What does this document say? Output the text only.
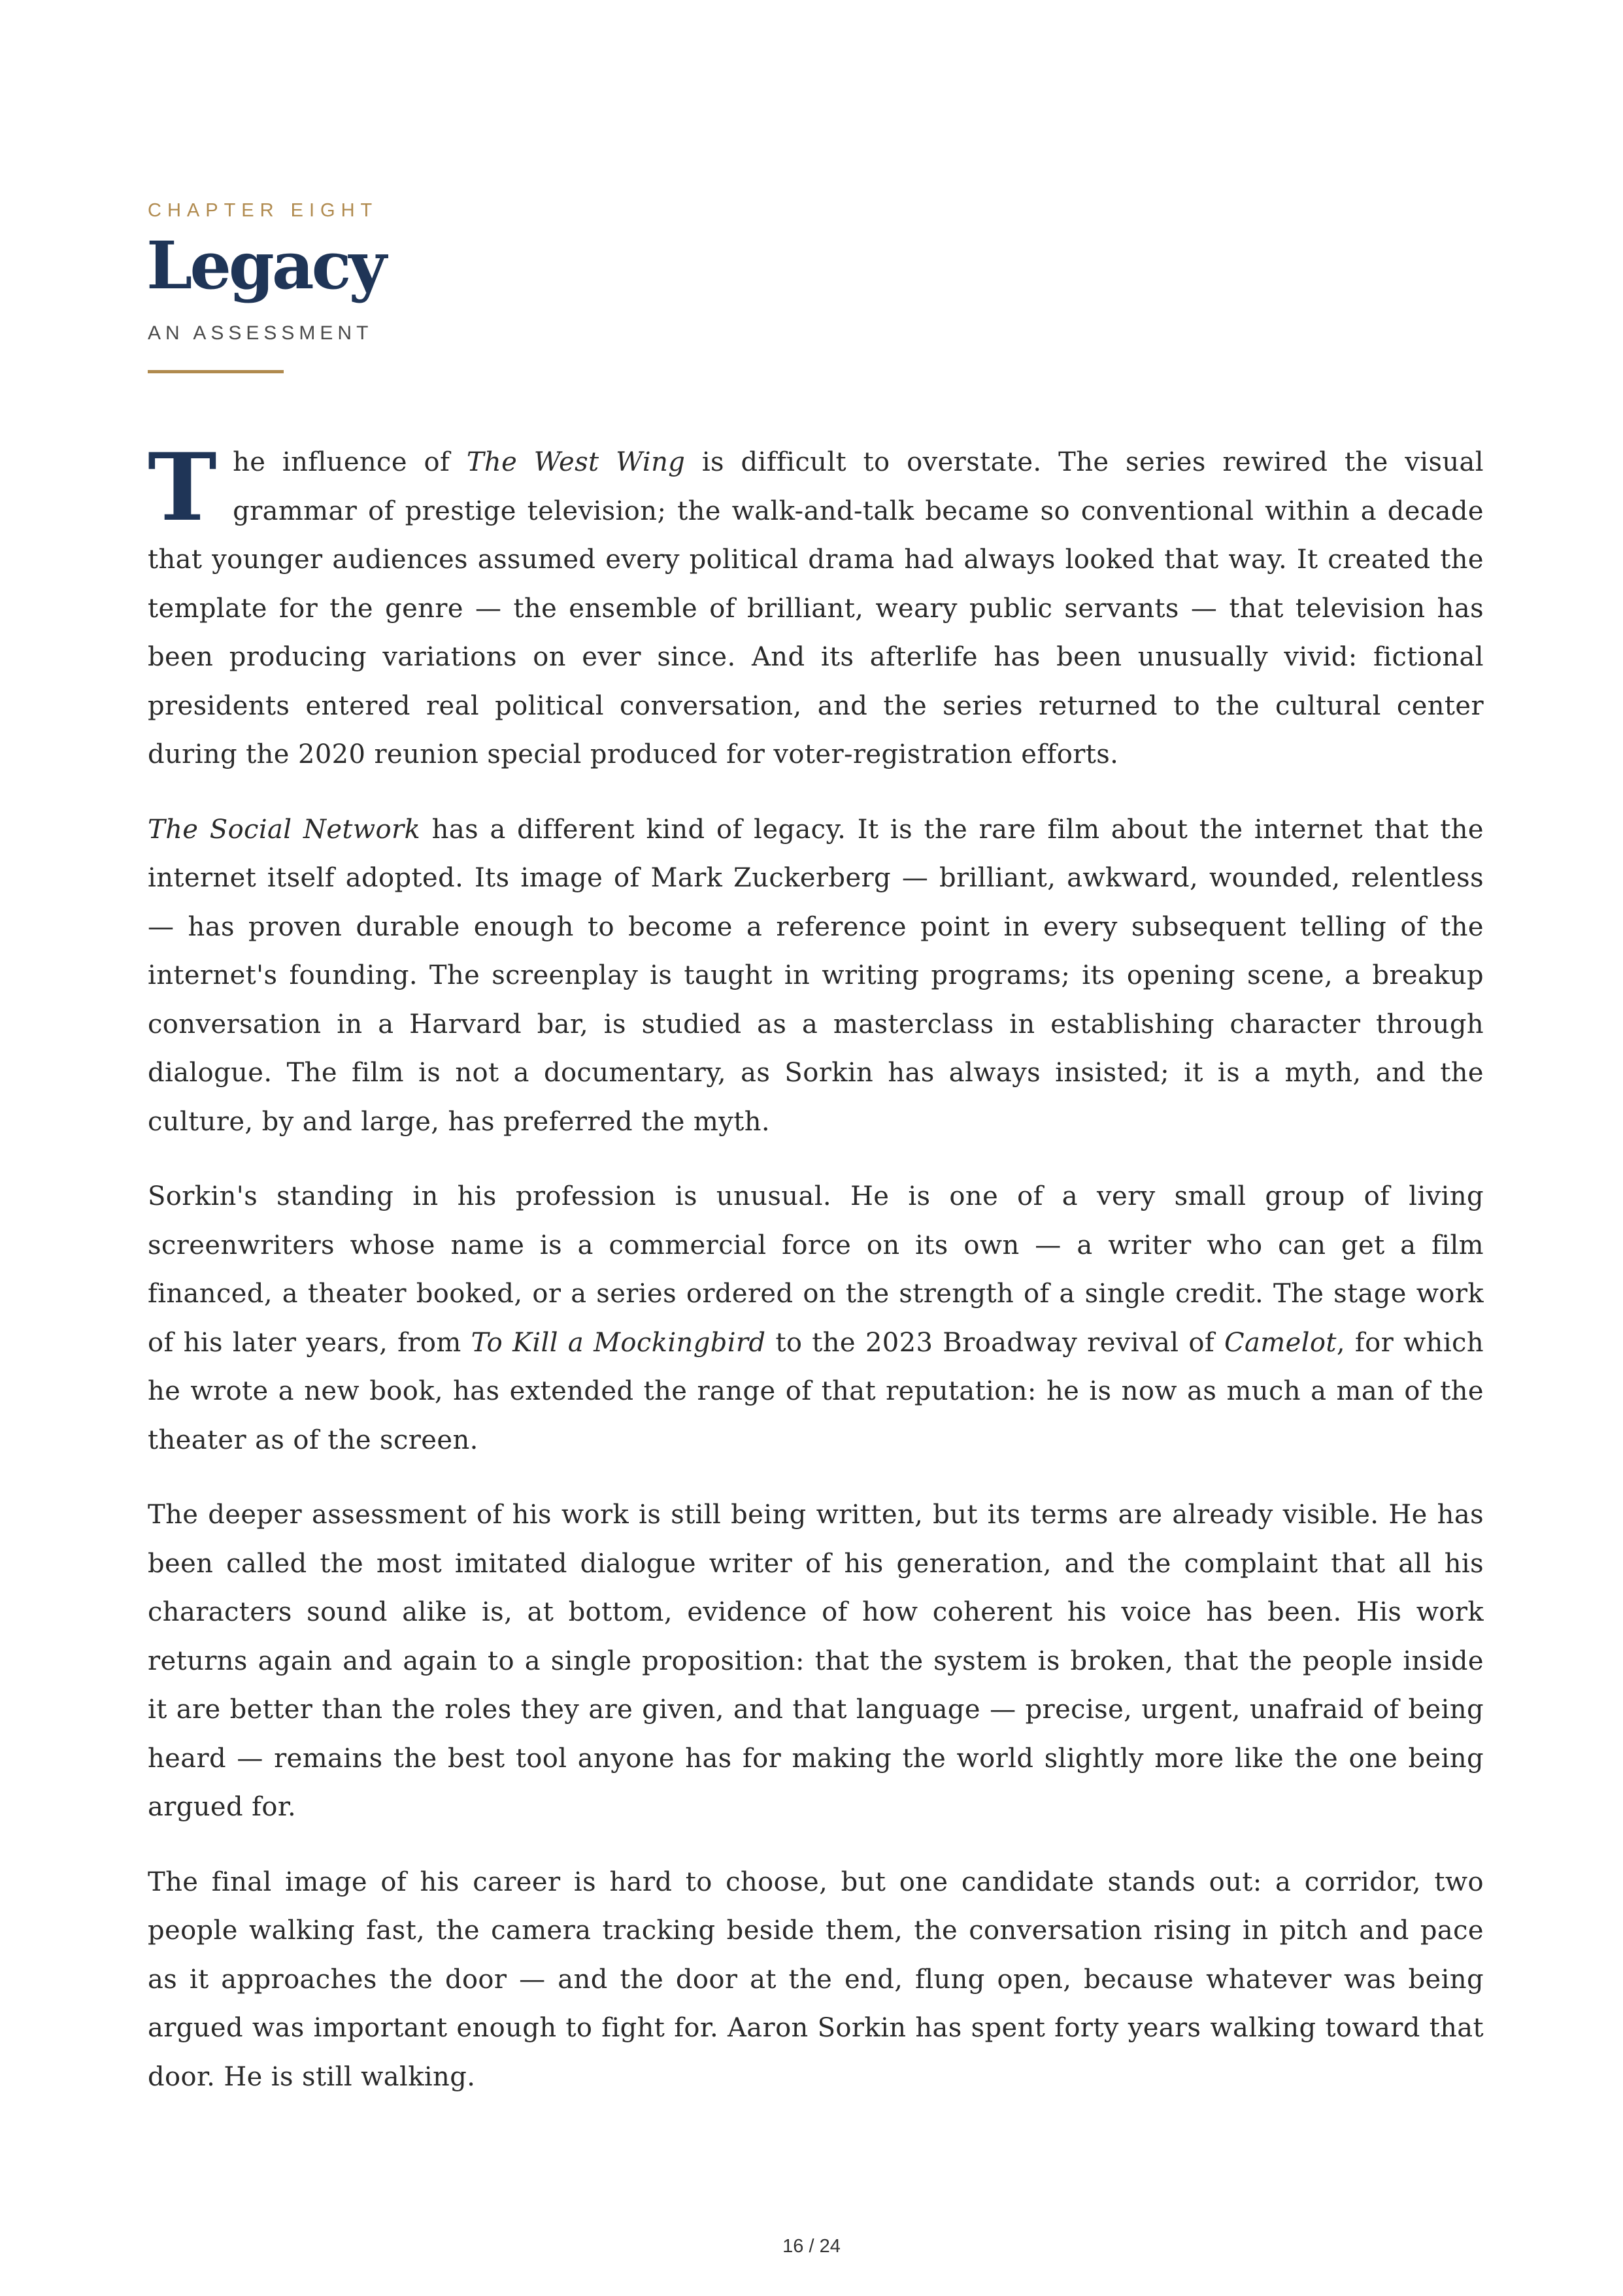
CHAPTER EIGHT
Legacy
AN ASSESSMENT

The influence of The West Wing is difficult to overstate. The series rewired the visual grammar of prestige television; the walk-and-talk became so conventional within a decade that younger audiences assumed every political drama had always looked that way. It created the template for the genre — the ensemble of brilliant, weary public servants — that television has been producing variations on ever since. And its afterlife has been unusually vivid: fictional presidents entered real political conversation, and the series returned to the cultural center during the 2020 reunion special produced for voter-registration efforts.

The Social Network has a different kind of legacy. It is the rare film about the internet that the internet itself adopted. Its image of Mark Zuckerberg — brilliant, awkward, wounded, relentless — has proven durable enough to become a reference point in every subsequent telling of the internet's founding. The screenplay is taught in writing programs; its opening scene, a breakup conversation in a Harvard bar, is studied as a masterclass in establishing character through dialogue. The film is not a documentary, as Sorkin has always insisted; it is a myth, and the culture, by and large, has preferred the myth.

Sorkin's standing in his profession is unusual. He is one of a very small group of living screenwriters whose name is a commercial force on its own — a writer who can get a film financed, a theater booked, or a series ordered on the strength of a single credit. The stage work of his later years, from To Kill a Mockingbird to the 2023 Broadway revival of Camelot, for which he wrote a new book, has extended the range of that reputation: he is now as much a man of the theater as of the screen.

The deeper assessment of his work is still being written, but its terms are already visible. He has been called the most imitated dialogue writer of his generation, and the complaint that all his characters sound alike is, at bottom, evidence of how coherent his voice has been. His work returns again and again to a single proposition: that the system is broken, that the people inside it are better than the roles they are given, and that language — precise, urgent, unafraid of being heard — remains the best tool anyone has for making the world slightly more like the one being argued for.

The final image of his career is hard to choose, but one candidate stands out: a corridor, two people walking fast, the camera tracking beside them, the conversation rising in pitch and pace as it approaches the door — and the door at the end, flung open, because whatever was being argued was important enough to fight for. Aaron Sorkin has spent forty years walking toward that door. He is still walking.

16 / 24
